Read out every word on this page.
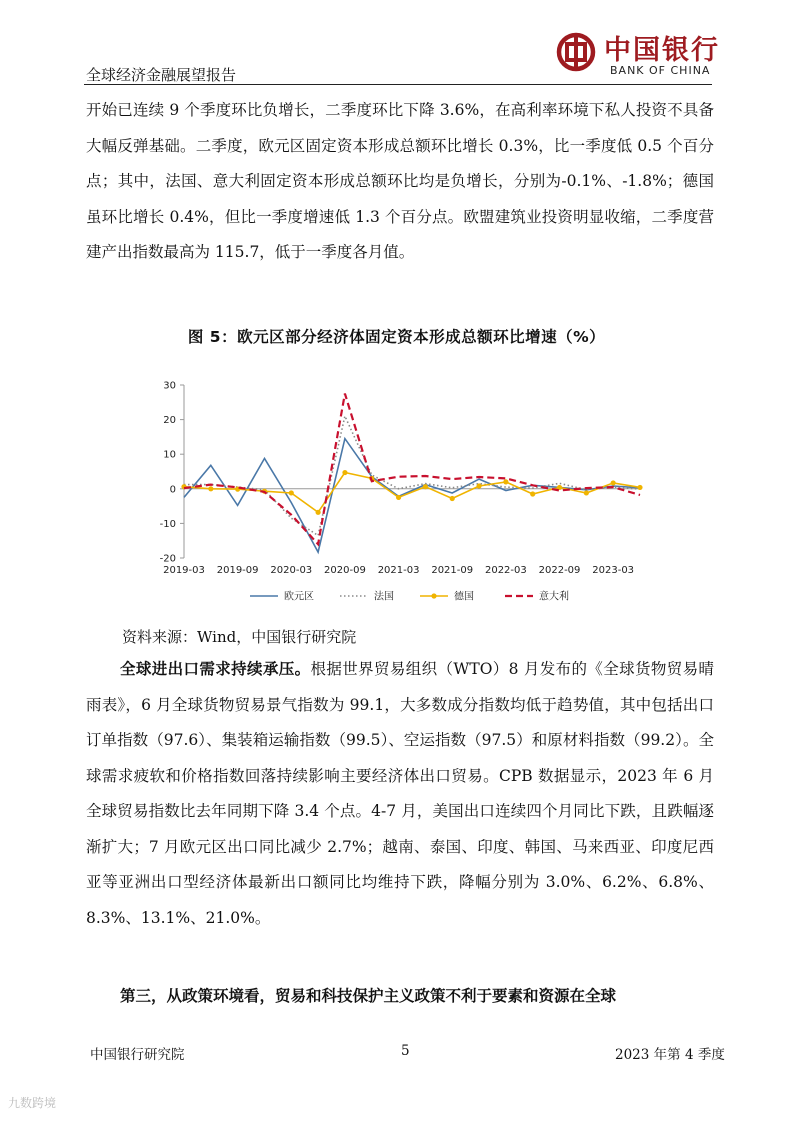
全球经济金融展望报告
中国银行
BANK OF CHINA

开始已连续 9 个季度环比负增长，二季度环比下降 3.6%，在高利率环境下私人投资不具备大幅反弹基础。二季度，欧元区固定资本形成总额环比增长 0.3%，比一季度低 0.5 个百分点；其中，法国、意大利固定资本形成总额环比均是负增长，分别为-0.1%、-1.8%；德国虽环比增长 0.4%，但比一季度增速低 1.3 个百分点。欧盟建筑业投资明显收缩，二季度营建产出指数最高为 115.7，低于一季度各月值。

图 5：欧元区部分经济体固定资本形成总额环比增速（%）
30
20
10
0
-10
-20
2019-03 2019-09 2020-03 2020-09 2021-03 2021-09 2022-03 2022-09 2023-03
欧元区	法国	德国	意大利
资料来源：Wind，中国银行研究院

全球进出口需求持续承压。根据世界贸易组织（WTO）8 月发布的《全球货物贸易晴雨表》，6 月全球货物贸易景气指数为 99.1，大多数成分指数均低于趋势值，其中包括出口订单指数（97.6）、集装箱运输指数（99.5）、空运指数（97.5）和原材料指数（99.2）。全球需求疲软和价格指数回落持续影响主要经济体出口贸易。CPB 数据显示，2023 年 6 月全球贸易指数比去年同期下降 3.4 个点。4-7 月，美国出口连续四个月同比下跌，且跌幅逐渐扩大；7 月欧元区出口同比减少 2.7%；越南、泰国、印度、韩国、马来西亚、印度尼西亚等亚洲出口型经济体最新出口额同比均维持下跌，降幅分别为 3.0%、6.2%、6.8%、8.3%、13.1%、21.0%。

第三，从政策环境看，贸易和科技保护主义政策不利于要素和资源在全球

中国银行研究院	5	2023 年第 4 季度
九数跨境
